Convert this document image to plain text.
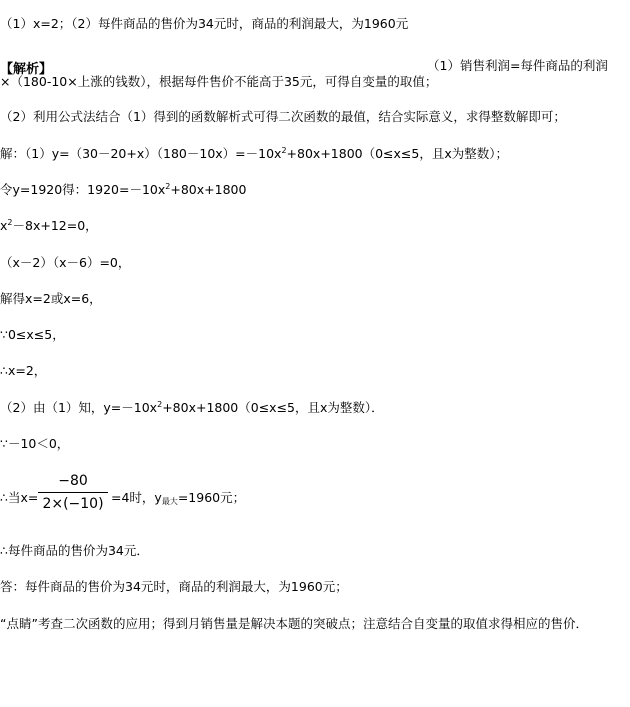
（1）x=2；（2）每件商品的售价为34元时，商品的利润最大，为1960元
【解析】	（1）销售利润=每件商品的利润
×（180-10×上涨的钱数），根据每件售价不能高于35元，可得自变量的取值；
（2）利用公式法结合（1）得到的函数解析式可得二次函数的最值，结合实际意义，求得整数解即可；
解：$(1)y=(30-20+x)(180-10x)=-10x^2+80x+1800(0\le x\le 5$，且x为整数）；
令y=1920得：$1920=-10x^2+80x+1800$
$x^2-8x+12=0$，
（x－2）（x－6）=0，
解得x=2或x=6，
∵0≤x≤5，
∴x=2，
（2）由（1）知，$y=-10x^2+80x+1800(0\le x\le 5$，且x为整数）．
∵－10＜0，
∴当x=
−80
2×(−10) =4时，y最大=1960元；
∴每件商品的售价为34元．
答：每件商品的售价为34元时，商品的利润最大，为1960元；
“点睛”考查二次函数的应用；得到月销售量是解决本题的突破点；注意结合自变量的取值求得相应的售价．
